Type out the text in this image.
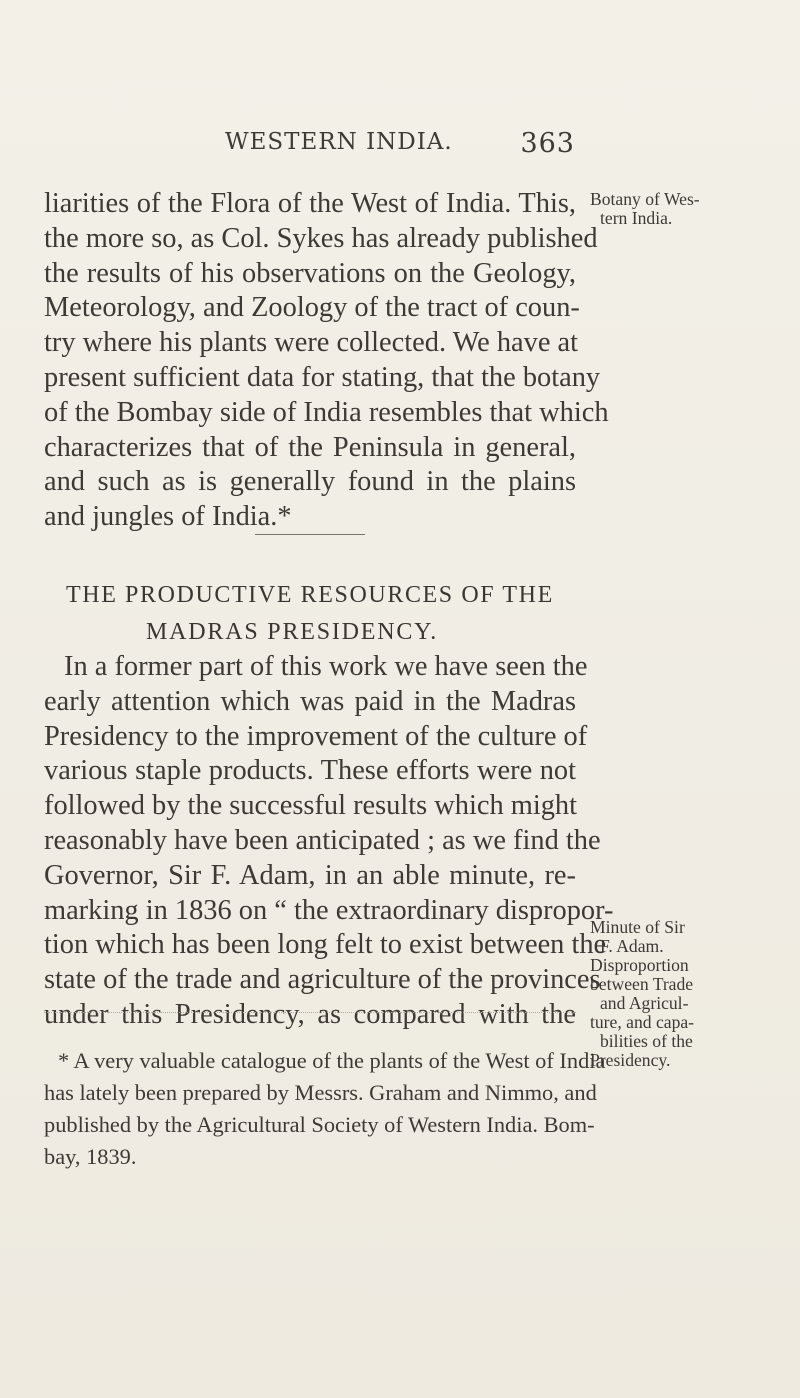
WESTERN INDIA.	363
liarities of the Flora of the West of India. This,
the more so, as Col. Sykes has already published
the results of his observations on the Geology,
Meteorology, and Zoology of the tract of coun-
try where his plants were collected. We have at
present sufficient data for stating, that the botany
of the Bombay side of India resembles that which
characterizes that of the Peninsula in general,
and such as is generally found in the plains
and jungles of India.*
THE PRODUCTIVE RESOURCES OF THE
MADRAS PRESIDENCY.
In a former part of this work we have seen the
early attention which was paid in the Madras
Presidency to the improvement of the culture of
various staple products. These efforts were not
followed by the successful results which might
reasonably have been anticipated ; as we find the
Governor, Sir F. Adam, in an able minute, re-
marking in 1836 on “ the extraordinary dispropor-
tion which has been long felt to exist between the
state of the trade and agriculture of the provinces
under this Presidency, as compared with the
* A very valuable catalogue of the plants of the West of India
has lately been prepared by Messrs. Graham and Nimmo, and
published by the Agricultural Society of Western India. Bom-
bay, 1839.
Botany of Wes-
tern India.
Minute of Sir
F. Adam.
Disproportion
between Trade
and Agricul-
ture, and capa-
bilities of the
Presidency.
